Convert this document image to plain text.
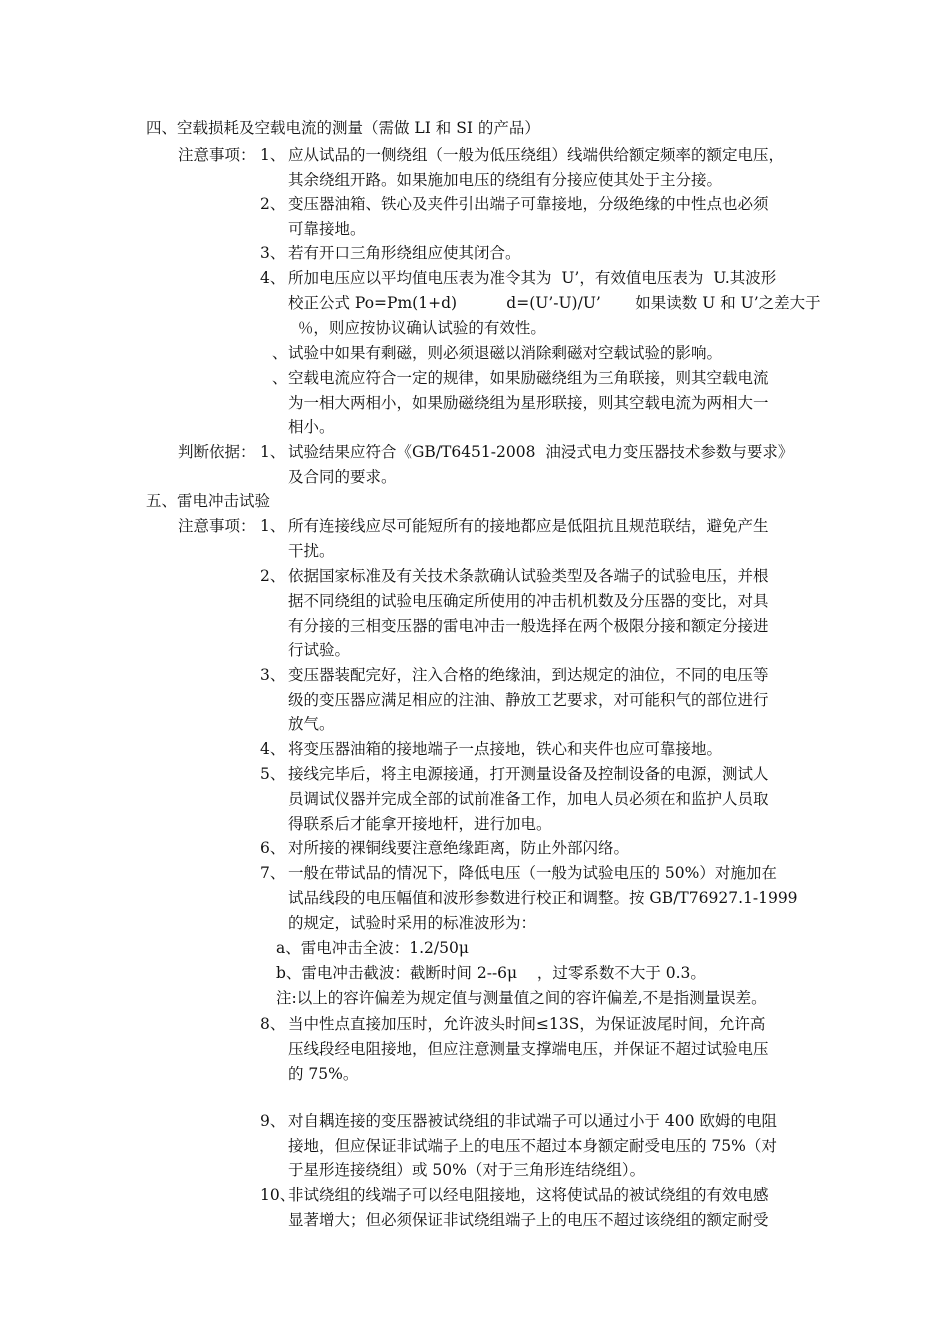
四、空载损耗及空载电流的测量（需做 LI 和 SI 的产品）
注意事项： 1、 应从试品的一侧绕组（一般为低压绕组）线端供给额定频率的额定电压，
其余绕组开路。如果施加电压的绕组有分接应使其处于主分接。
2、 变压器油箱、铁心及夹件引出端子可靠接地，分级绝缘的中性点也必须
可靠接地。
3、 若有开口三角形绕组应使其闭合。
4、 所加电压应以平均值电压表为准令其为  U’，有效值电压表为  U.其波形
校正公式 Po=Pm(1+d)          d=(U’-U)/U’       如果读数 U 和 U’之差大于
％，则应按协议确认试验的有效性。
、 试验中如果有剩磁，则必须退磁以消除剩磁对空载试验的影响。
、 空载电流应符合一定的规律，如果励磁绕组为三角联接，则其空载电流
为一相大两相小，如果励磁绕组为星形联接，则其空载电流为两相大一
相小。
判断依据： 1、 试验结果应符合《GB/T6451-2008  油浸式电力变压器技术参数与要求》
及合同的要求。
五、雷电冲击试验
注意事项： 1、 所有连接线应尽可能短所有的接地都应是低阻抗且规范联结，避免产生
干扰。
2、 依据国家标准及有关技术条款确认试验类型及各端子的试验电压，并根
据不同绕组的试验电压确定所使用的冲击机机数及分压器的变比，对具
有分接的三相变压器的雷电冲击一般选择在两个极限分接和额定分接进
行试验。
3、 变压器装配完好，注入合格的绝缘油，到达规定的油位，不同的电压等
级的变压器应满足相应的注油、静放工艺要求，对可能积气的部位进行
放气。
4、 将变压器油箱的接地端子一点接地，铁心和夹件也应可靠接地。
5、 接线完毕后，将主电源接通，打开测量设备及控制设备的电源，测试人
员调试仪器并完成全部的试前准备工作，加电人员必须在和监护人员取
得联系后才能拿开接地杆，进行加电。
6、 对所接的裸铜线要注意绝缘距离，防止外部闪络。
7、 一般在带试品的情况下，降低电压（一般为试验电压的 50%）对施加在
试品线段的电压幅值和波形参数进行校正和调整。按 GB/T76927.1-1999
的规定，试验时采用的标准波形为：
a、雷电冲击全波：1.2/50μ
b、雷电冲击截波：截断时间 2--6μ    ，过零系数不大于 0.3。
注:以上的容许偏差为规定值与测量值之间的容许偏差,不是指测量误差。
8、 当中性点直接加压时，允许波头时间≤13S，为保证波尾时间，允许高
压线段经电阻接地，但应注意测量支撑端电压，并保证不超过试验电压
的 75%。
9、 对自耦连接的变压器被试绕组的非试端子可以通过小于 400 欧姆的电阻
接地，但应保证非试端子上的电压不超过本身额定耐受电压的 75%（对
于星形连接绕组）或 50%（对于三角形连结绕组）。
10、
非试绕组的线端子可以经电阻接地，这将使试品的被试绕组的有效电感
显著增大；但必须保证非试绕组端子上的电压不超过该绕组的额定耐受
